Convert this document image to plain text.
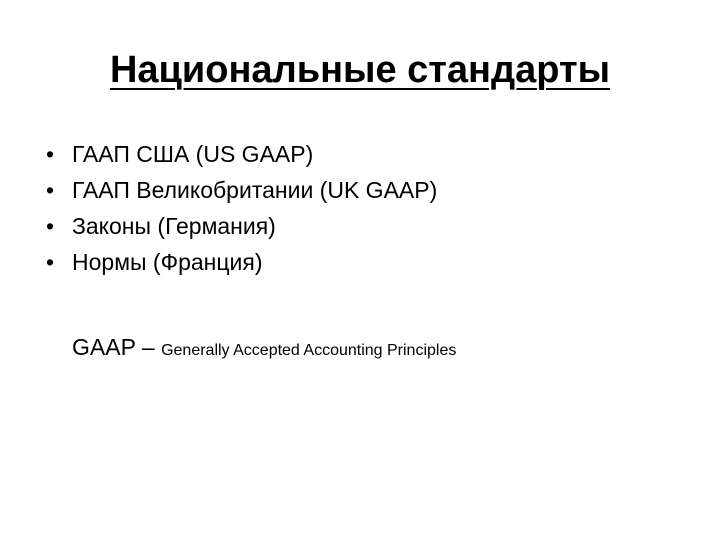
Национальные стандарты
• ГААП США (US GAAP)
• ГААП Великобритании (UK GAAP)
• Законы (Германия)
• Нормы (Франция)
GAAP – Generally Accepted Accounting Principles
